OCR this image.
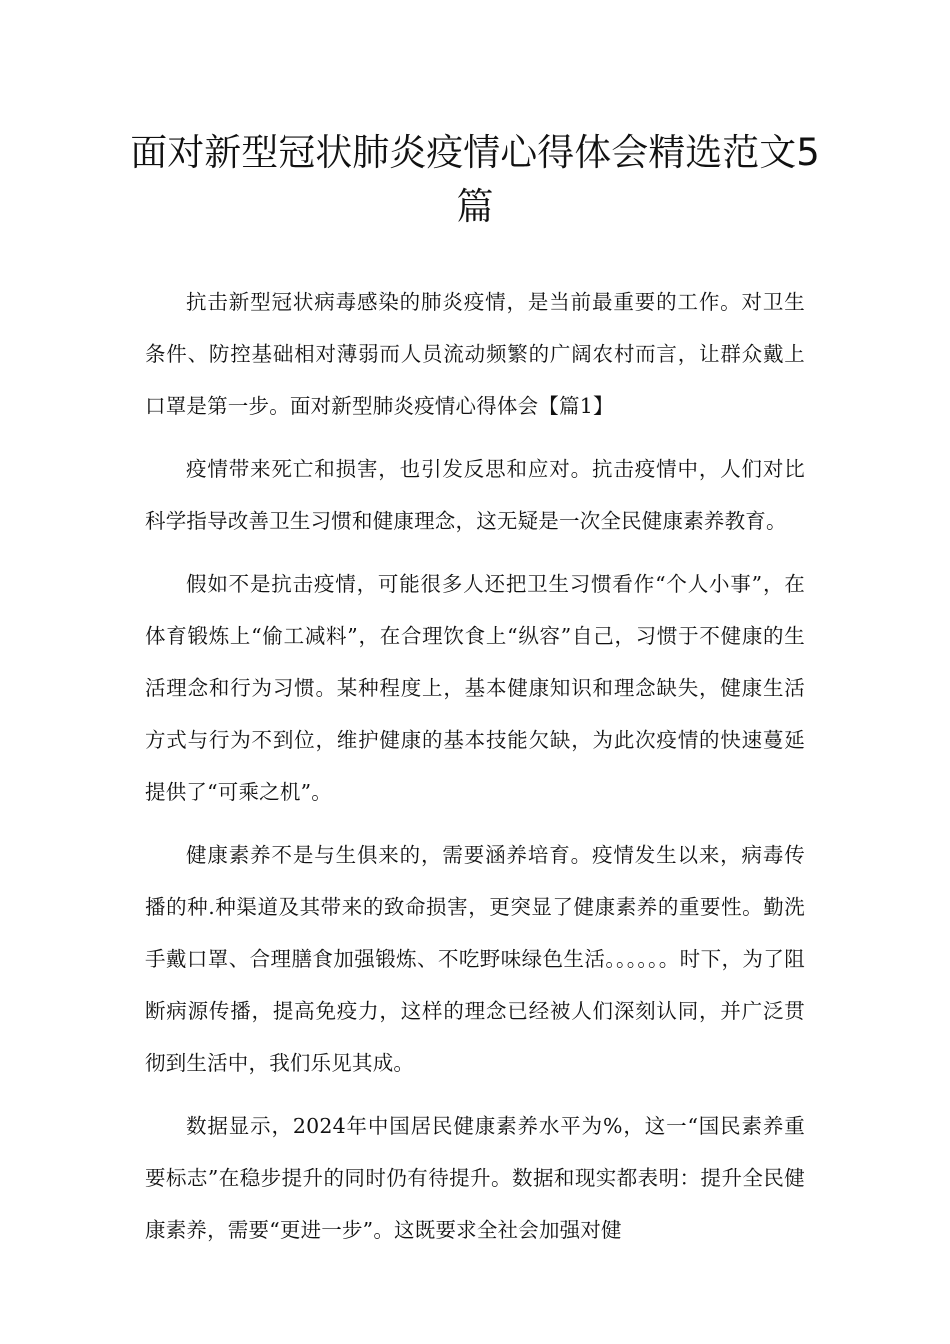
面对新型冠状肺炎疫情心得体会精选范文5篇

抗击新型冠状病毒感染的肺炎疫情，是当前最重要的工作。对卫生条件、防控基础相对薄弱而人员流动频繁的广阔农村而言，让群众戴上口罩是第一步。面对新型肺炎疫情心得体会【篇1】

疫情带来死亡和损害，也引发反思和应对。抗击疫情中，人们对比科学指导改善卫生习惯和健康理念，这无疑是一次全民健康素养教育。

假如不是抗击疫情，可能很多人还把卫生习惯看作“个人小事”，在体育锻炼上“偷工减料”，在合理饮食上“纵容”自己，习惯于不健康的生活理念和行为习惯。某种程度上，基本健康知识和理念缺失，健康生活方式与行为不到位，维护健康的基本技能欠缺，为此次疫情的快速蔓延提供了“可乘之机”。

健康素养不是与生俱来的，需要涵养培育。疫情发生以来，病毒传播的种.种渠道及其带来的致命损害，更突显了健康素养的重要性。勤洗手戴口罩、合理膳食加强锻炼、不吃野味绿色生活。。。。。。时下，为了阻断病源传播，提高免疫力，这样的理念已经被人们深刻认同，并广泛贯彻到生活中，我们乐见其成。

数据显示，2024年中国居民健康素养水平为%，这一“国民素养重要标志”在稳步提升的同时仍有待提升。数据和现实都表明：提升全民健康素养，需要“更进一步”。这既要求全社会加强对健
